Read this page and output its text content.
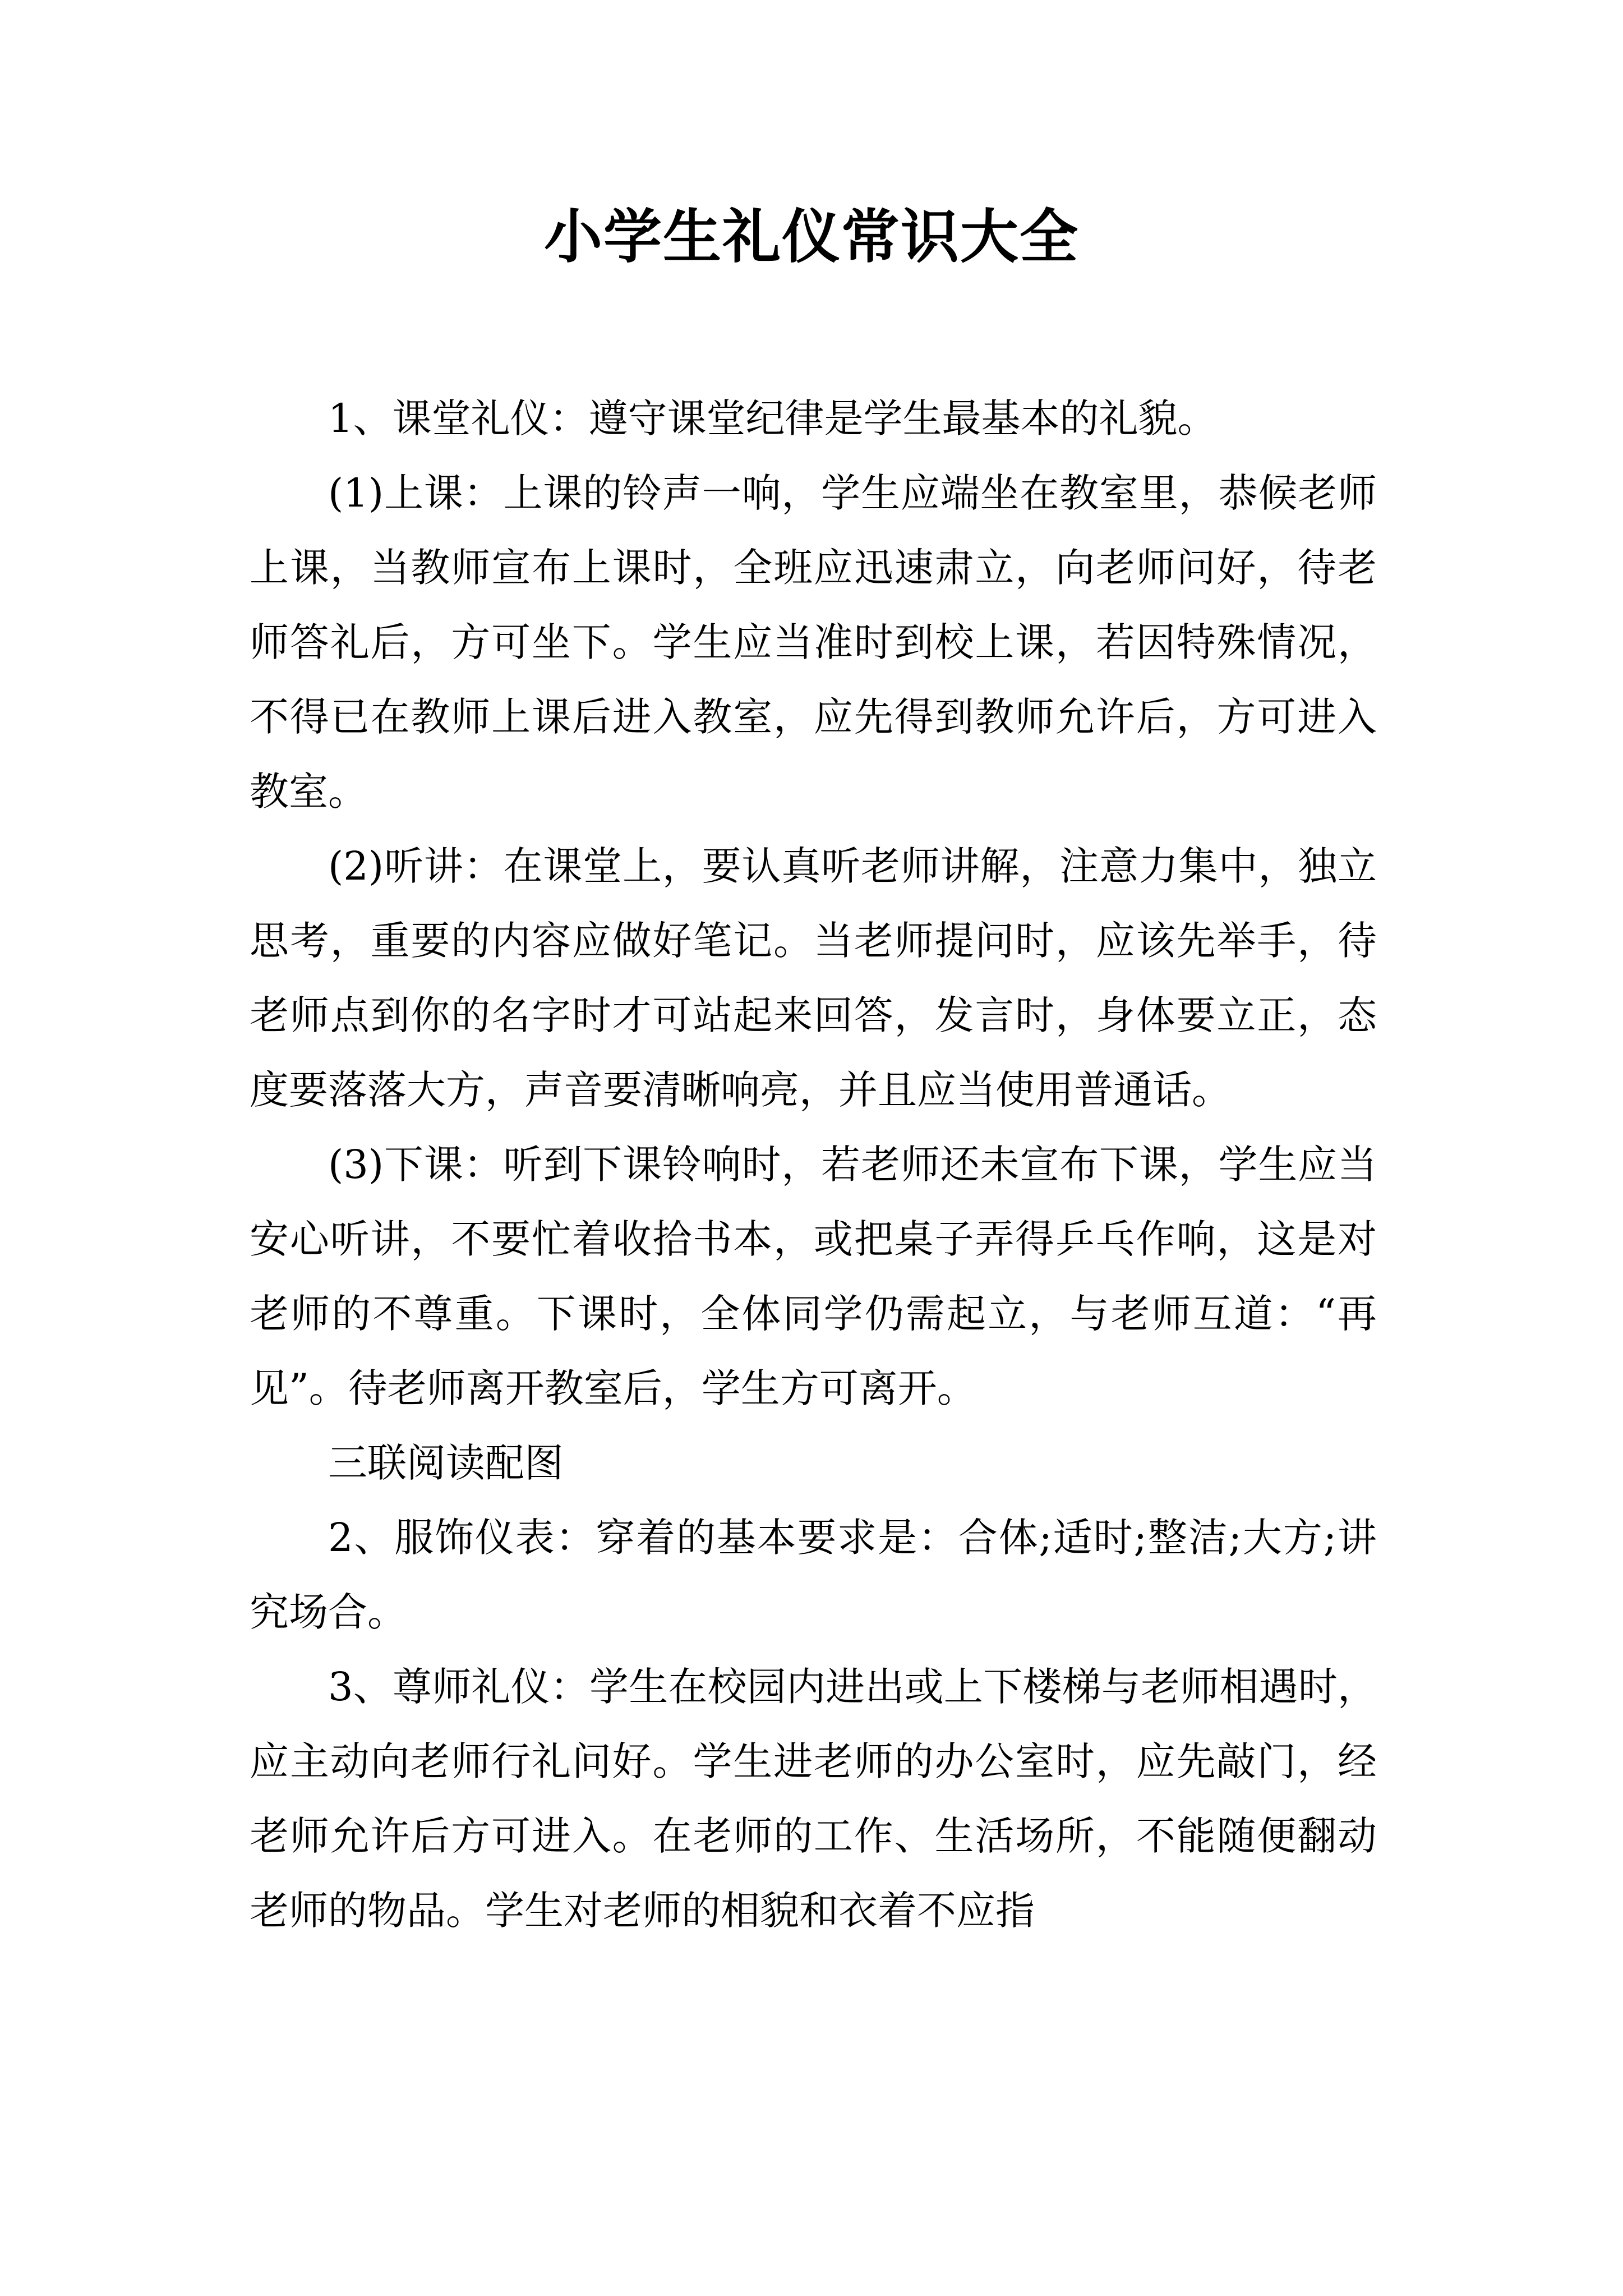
小学生礼仪常识大全

1、课堂礼仪：遵守课堂纪律是学生最基本的礼貌。

(1)上课：上课的铃声一响，学生应端坐在教室里，恭候老师上课，当教师宣布上课时，全班应迅速肃立，向老师问好，待老师答礼后，方可坐下。学生应当准时到校上课，若因特殊情况，不得已在教师上课后进入教室，应先得到教师允许后，方可进入教室。

(2)听讲：在课堂上，要认真听老师讲解，注意力集中，独立思考，重要的内容应做好笔记。当老师提问时，应该先举手，待老师点到你的名字时才可站起来回答，发言时，身体要立正，态度要落落大方，声音要清晰响亮，并且应当使用普通话。

(3)下课：听到下课铃响时，若老师还未宣布下课，学生应当安心听讲，不要忙着收拾书本，或把桌子弄得乒乓作响，这是对老师的不尊重。下课时，全体同学仍需起立，与老师互道：“再见”。待老师离开教室后，学生方可离开。

三联阅读配图

2、服饰仪表：穿着的基本要求是：合体;适时;整洁;大方;讲究场合。

3、尊师礼仪：学生在校园内进出或上下楼梯与老师相遇时，应主动向老师行礼问好。学生进老师的办公室时，应先敲门，经老师允许后方可进入。在老师的工作、生活场所，不能随便翻动老师的物品。学生对老师的相貌和衣着不应指
